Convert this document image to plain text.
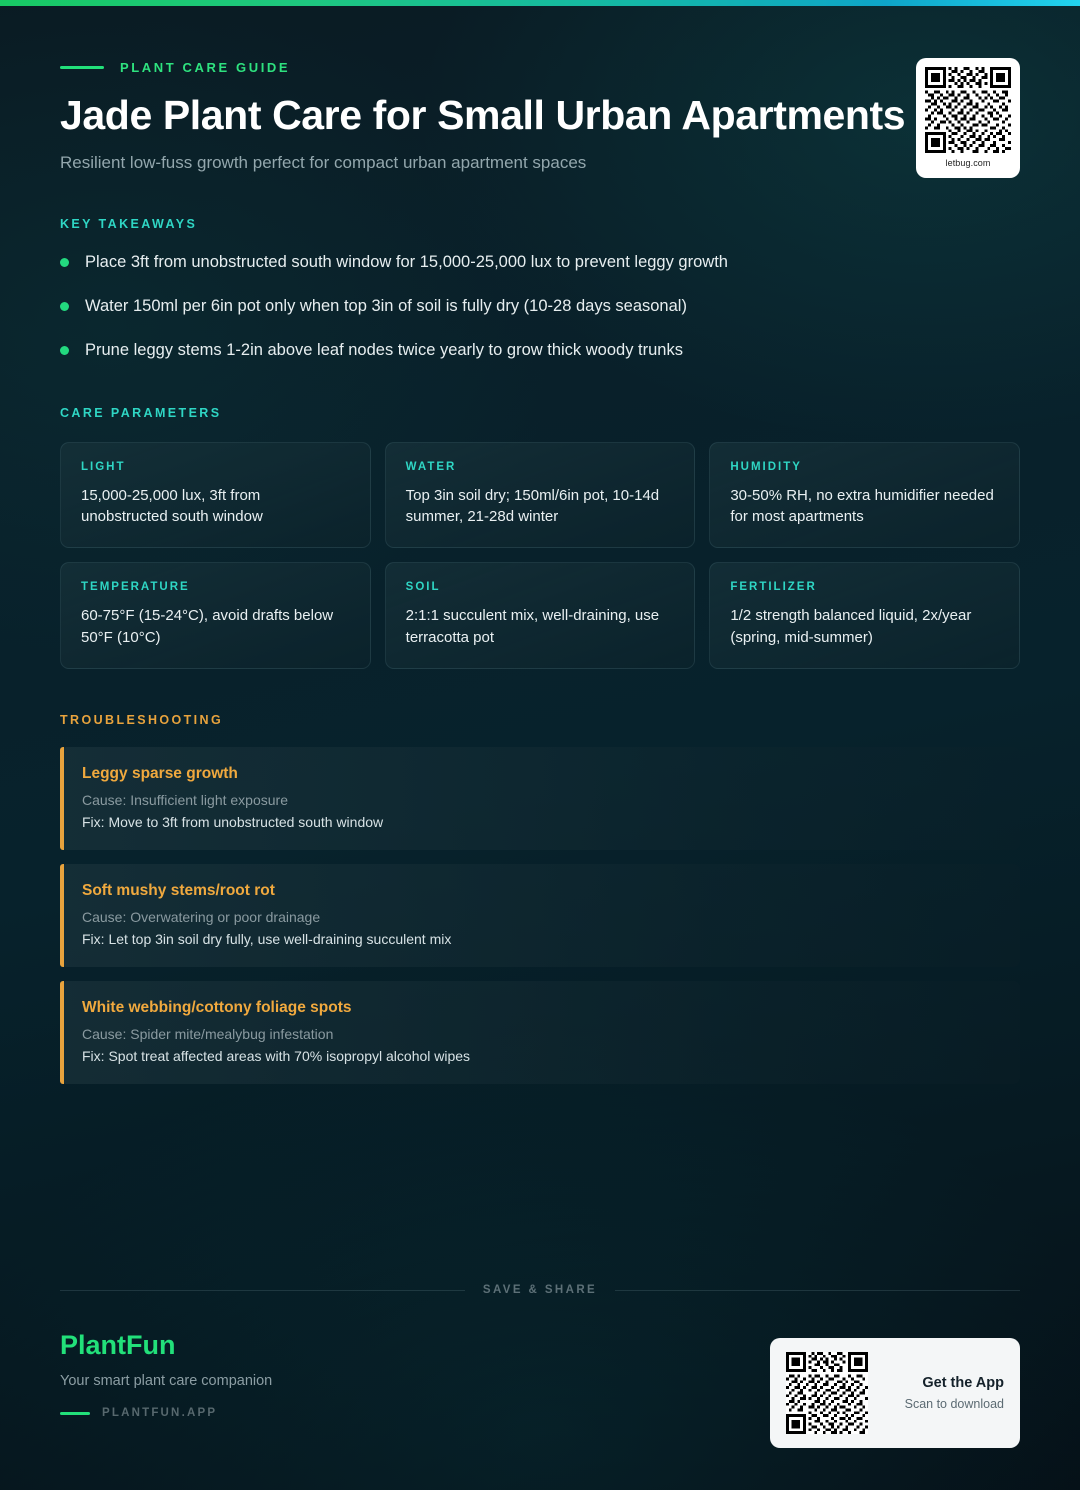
PLANT CARE GUIDE
Jade Plant Care for Small Urban Apartments
Resilient low-fuss growth perfect for compact urban apartment spaces
KEY TAKEAWAYS
Place 3ft from unobstructed south window for 15,000-25,000 lux to prevent leggy growth
Water 150ml per 6in pot only when top 3in of soil is fully dry (10-28 days seasonal)
Prune leggy stems 1-2in above leaf nodes twice yearly to grow thick woody trunks
CARE PARAMETERS
LIGHT
15,000-25,000 lux, 3ft from unobstructed south window
WATER
Top 3in soil dry; 150ml/6in pot, 10-14d summer, 21-28d winter
HUMIDITY
30-50% RH, no extra humidifier needed for most apartments
TEMPERATURE
60-75°F (15-24°C), avoid drafts below 50°F (10°C)
SOIL
2:1:1 succulent mix, well-draining, use terracotta pot
FERTILIZER
1/2 strength balanced liquid, 2x/year (spring, mid-summer)
TROUBLESHOOTING
Leggy sparse growth
Cause: Insufficient light exposure
Fix: Move to 3ft from unobstructed south window
Soft mushy stems/root rot
Cause: Overwatering or poor drainage
Fix: Let top 3in soil dry fully, use well-draining succulent mix
White webbing/cottony foliage spots
Cause: Spider mite/mealybug infestation
Fix: Spot treat affected areas with 70% isopropyl alcohol wipes
letbug.com
SAVE & SHARE
PlantFun
Your smart plant care companion
PLANTFUN.APP
Get the App
Scan to download
